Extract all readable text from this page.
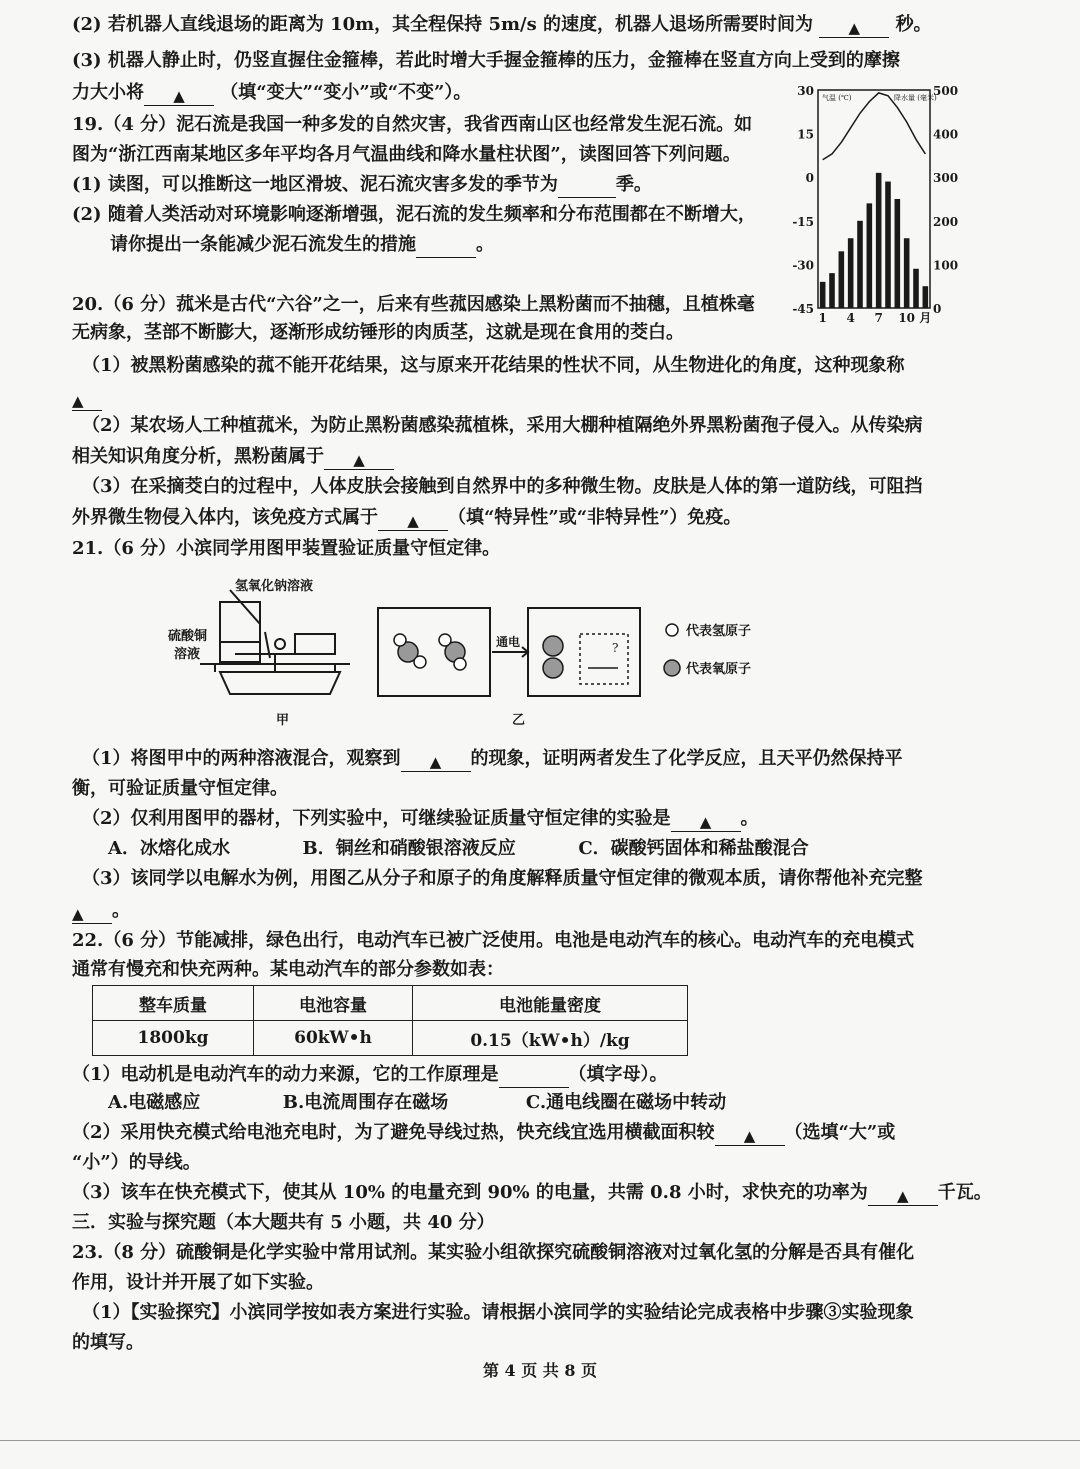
(2) 若机器人直线退场的距离为 10m，其全程保持 5m/s 的速度，机器人退场所需要时间为 ▲ 秒。
(3) 机器人静止时，仍竖直握住金箍棒，若此时增大手握金箍棒的压力，金箍棒在竖直方向上受到的摩擦
力大小将 ▲ （填“变大”“变小”或“不变”）。
19.（4 分）泥石流是我国一种多发的自然灾害，我省西南山区也经常发生泥石流。如
图为“浙江西南某地区多年平均各月气温曲线和降水量柱状图”，读图回答下列问题。
(1) 读图，可以推断这一地区滑坡、泥石流灾害多发的季节为	季。
(2) 随着人类活动对环境影响逐渐增强，泥石流的发生频率和分布范围都在不断增大，
请你提出一条能减少泥石流发生的措施	。
30
15
0
-15
-30
-45
500
400
300
200
100
0
气温 (℃)	降水量 (毫米)
1 4 7 10 月
20.（6 分）菰米是古代“六谷”之一，后来有些菰因感染上黑粉菌而不抽穗，且植株毫
无病象，茎部不断膨大，逐渐形成纺锤形的肉质茎，这就是现在食用的茭白。
（1）被黑粉菌感染的菰不能开花结果，这与原来开花结果的性状不同，从生物进化的角度，这种现象称
▲
（2）某农场人工种植菰米，为防止黑粉菌感染菰植株，采用大棚种植隔绝外界黑粉菌孢子侵入。从传染病
相关知识角度分析，黑粉菌属于 ▲
（3）在采摘茭白的过程中，人体皮肤会接触到自然界中的多种微生物。皮肤是人体的第一道防线，可阻挡
外界微生物侵入体内，该免疫方式属于 ▲ （填“特异性”或“非特异性”）免疫。
21.（6 分）小滨同学用图甲装置验证质量守恒定律。
氢氧化钠溶液
硫酸铜
溶液
甲
通电	?
乙
代表氢原子
代表氧原子
（1）将图甲中的两种溶液混合，观察到 ▲ 的现象，证明两者发生了化学反应，且天平仍然保持平
衡，可验证质量守恒定律。
（2）仅利用图甲的器材，下列实验中，可继续验证质量守恒定律的实验是 ▲ 。
A．冰熔化成水	B．铜丝和硝酸银溶液反应	C．碳酸钙固体和稀盐酸混合
（3）该同学以电解水为例，用图乙从分子和原子的角度解释质量守恒定律的微观本质，请你帮他补充完整
▲ 。
22.（6 分）节能减排，绿色出行，电动汽车已被广泛使用。电池是电动汽车的核心。电动汽车的充电模式
通常有慢充和快充两种。某电动汽车的部分参数如表：
整车质量	电池容量	电池能量密度
1800kg	60kW•h	0.15（kW•h）/kg
（1）电动机是电动汽车的动力来源，它的工作原理是	（填字母）。
A.电磁感应	B.电流周围存在磁场	C.通电线圈在磁场中转动
（2）采用快充模式给电池充电时，为了避免导线过热，快充线宜选用横截面积较 ▲ （选填“大”或
“小”）的导线。
（3）该车在快充模式下，使其从 10% 的电量充到 90% 的电量，共需 0.8 小时，求快充的功率为 ▲ 千瓦。
三．实验与探究题（本大题共有 5 小题，共 40 分）
23.（8 分）硫酸铜是化学实验中常用试剂。某实验小组欲探究硫酸铜溶液对过氧化氢的分解是否具有催化
作用，设计并开展了如下实验。
（1）【实验探究】小滨同学按如表方案进行实验。请根据小滨同学的实验结论完成表格中步骤③实验现象
的填写。
第 4 页 共 8 页
